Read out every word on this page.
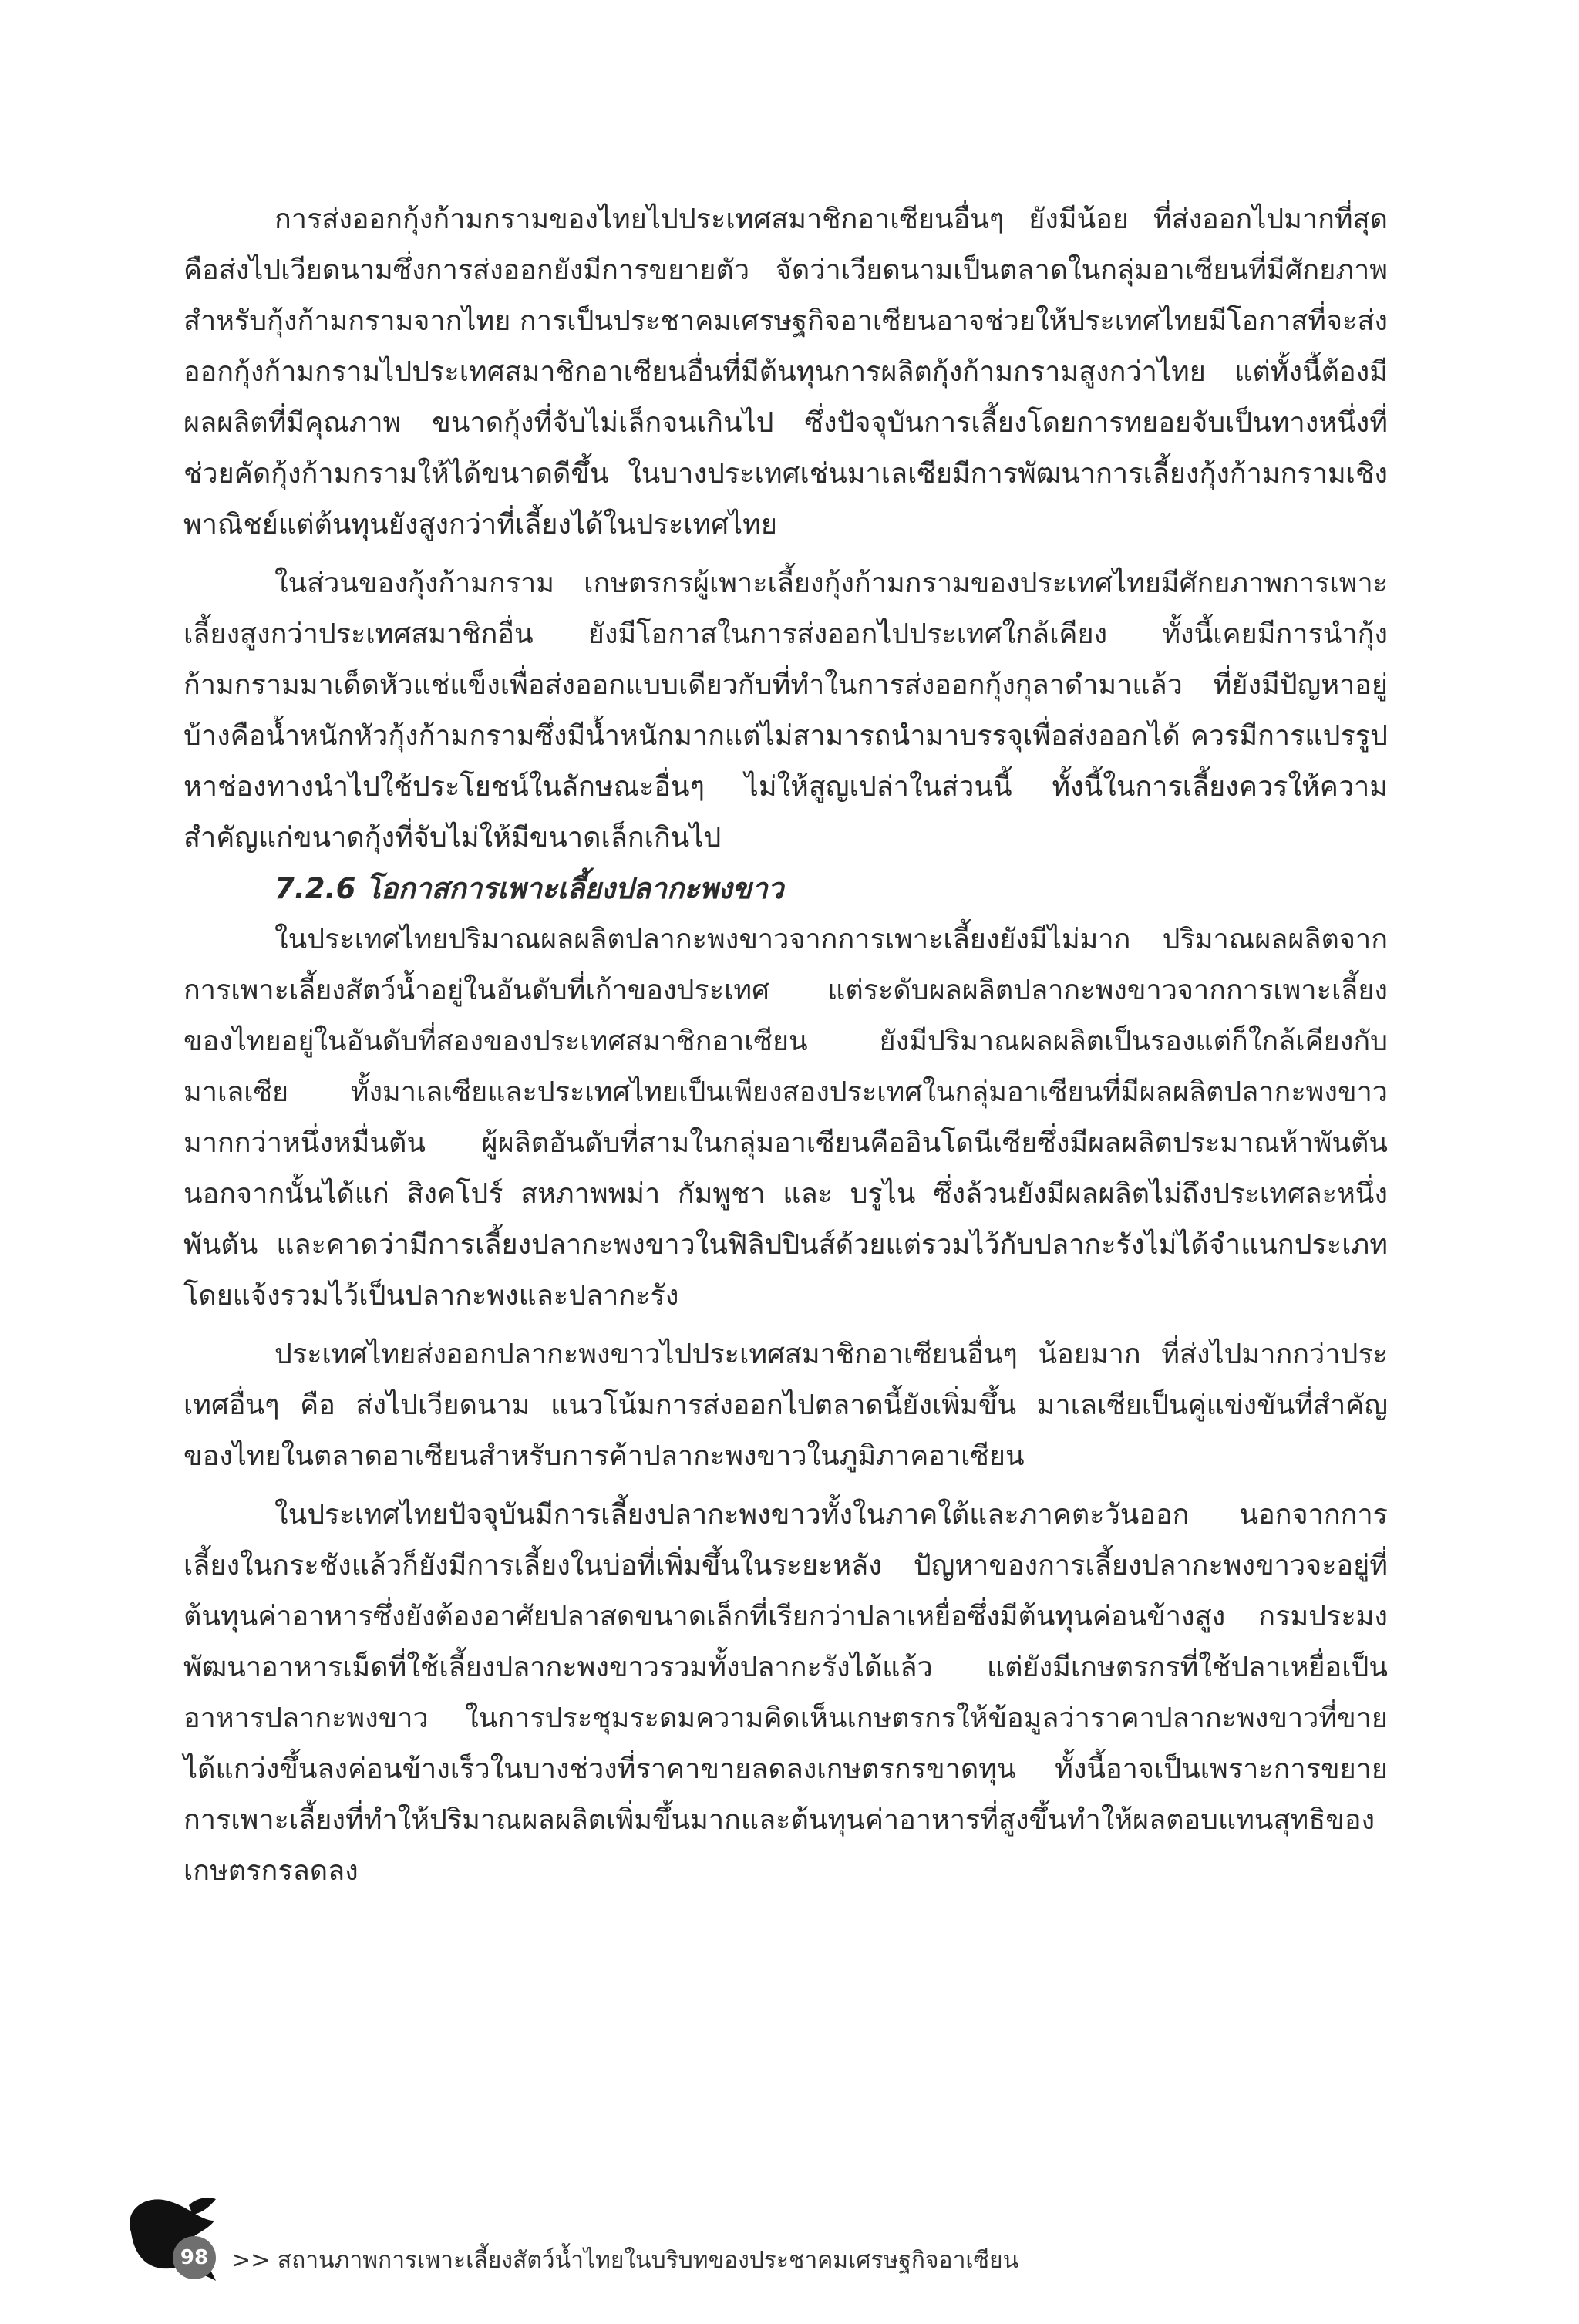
การส่งออกกุ้งก้ามกรามของไทยไปประเทศสมาชิกอาเซียนอื่นๆ ยังมีน้อย ที่ส่งออกไปมากที่สุดคือส่งไปเวียดนามซึ่งการส่งออกยังมีการขยายตัว จัดว่าเวียดนามเป็นตลาดในกลุ่มอาเซียนที่มีศักยภาพสำหรับกุ้งก้ามกรามจากไทย การเป็นประชาคมเศรษฐกิจอาเซียนอาจช่วยให้ประเทศไทยมีโอกาสที่จะส่งออกกุ้งก้ามกรามไปประเทศสมาชิกอาเซียนอื่นที่มีต้นทุนการผลิตกุ้งก้ามกรามสูงกว่าไทย แต่ทั้งนี้ต้องมีผลผลิตที่มีคุณภาพ ขนาดกุ้งที่จับไม่เล็กจนเกินไป ซึ่งปัจจุบันการเลี้ยงโดยการทยอยจับเป็นทางหนึ่งที่ช่วยคัดกุ้งก้ามกรามให้ได้ขนาดดีขึ้น ในบางประเทศเช่นมาเลเซียมีการพัฒนาการเลี้ยงกุ้งก้ามกรามเชิงพาณิชย์แต่ต้นทุนยังสูงกว่าที่เลี้ยงได้ในประเทศไทย

ในส่วนของกุ้งก้ามกราม เกษตรกรผู้เพาะเลี้ยงกุ้งก้ามกรามของประเทศไทยมีศักยภาพการเพาะเลี้ยงสูงกว่าประเทศสมาชิกอื่น ยังมีโอกาสในการส่งออกไปประเทศใกล้เคียง ทั้งนี้เคยมีการนำกุ้งก้ามกรามมาเด็ดหัวแช่แข็งเพื่อส่งออกแบบเดียวกับที่ทำในการส่งออกกุ้งกุลาดำมาแล้ว ที่ยังมีปัญหาอยู่บ้างคือน้ำหนักหัวกุ้งก้ามกรามซึ่งมีน้ำหนักมากแต่ไม่สามารถนำมาบรรจุเพื่อส่งออกได้ ควรมีการแปรรูปหาช่องทางนำไปใช้ประโยชน์ในลักษณะอื่นๆ ไม่ให้สูญเปล่าในส่วนนี้ ทั้งนี้ในการเลี้ยงควรให้ความสำคัญแก่ขนาดกุ้งที่จับไม่ให้มีขนาดเล็กเกินไป

7.2.6 โอกาสการเพาะเลี้ยงปลากะพงขาว

ในประเทศไทยปริมาณผลผลิตปลากะพงขาวจากการเพาะเลี้ยงยังมีไม่มาก ปริมาณผลผลิตจากการเพาะเลี้ยงสัตว์น้ำอยู่ในอันดับที่เก้าของประเทศ แต่ระดับผลผลิตปลากะพงขาวจากการเพาะเลี้ยงของไทยอยู่ในอันดับที่สองของประเทศสมาชิกอาเซียน ยังมีปริมาณผลผลิตเป็นรองแต่ก็ใกล้เคียงกับมาเลเซีย ทั้งมาเลเซียและประเทศไทยเป็นเพียงสองประเทศในกลุ่มอาเซียนที่มีผลผลิตปลากะพงขาวมากกว่าหนึ่งหมื่นตัน ผู้ผลิตอันดับที่สามในกลุ่มอาเซียนคืออินโดนีเซียซึ่งมีผลผลิตประมาณห้าพันตัน นอกจากนั้นได้แก่ สิงคโปร์ สหภาพพม่า กัมพูชา และ บรูไน ซึ่งล้วนยังมีผลผลิตไม่ถึงประเทศละหนึ่งพันตัน และคาดว่ามีการเลี้ยงปลากะพงขาวในฟิลิปปินส์ด้วยแต่รวมไว้กับปลากะรังไม่ได้จำแนกประเภทโดยแจ้งรวมไว้เป็นปลากะพงและปลากะรัง

ประเทศไทยส่งออกปลากะพงขาวไปประเทศสมาชิกอาเซียนอื่นๆ น้อยมาก ที่ส่งไปมากกว่าประเทศอื่นๆ คือ ส่งไปเวียดนาม แนวโน้มการส่งออกไปตลาดนี้ยังเพิ่มขึ้น มาเลเซียเป็นคู่แข่งขันที่สำคัญของไทยในตลาดอาเซียนสำหรับการค้าปลากะพงขาวในภูมิภาคอาเซียน

ในประเทศไทยปัจจุบันมีการเลี้ยงปลากะพงขาวทั้งในภาคใต้และภาคตะวันออก นอกจากการเลี้ยงในกระชังแล้วก็ยังมีการเลี้ยงในบ่อที่เพิ่มขึ้นในระยะหลัง ปัญหาของการเลี้ยงปลากะพงขาวจะอยู่ที่ต้นทุนค่าอาหารซึ่งยังต้องอาศัยปลาสดขนาดเล็กที่เรียกว่าปลาเหยื่อซึ่งมีต้นทุนค่อนข้างสูง กรมประมงพัฒนาอาหารเม็ดที่ใช้เลี้ยงปลากะพงขาวรวมทั้งปลากะรังได้แล้ว แต่ยังมีเกษตรกรที่ใช้ปลาเหยื่อเป็นอาหารปลากะพงขาว ในการประชุมระดมความคิดเห็นเกษตรกรให้ข้อมูลว่าราคาปลากะพงขาวที่ขายได้แกว่งขึ้นลงค่อนข้างเร็วในบางช่วงที่ราคาขายลดลงเกษตรกรขาดทุน ทั้งนี้อาจเป็นเพราะการขยายการเพาะเลี้ยงที่ทำให้ปริมาณผลผลิตเพิ่มขึ้นมากและต้นทุนค่าอาหารที่สูงขึ้นทำให้ผลตอบแทนสุทธิของเกษตรกรลดลง

98 >> สถานภาพการเพาะเลี้ยงสัตว์น้ำไทยในบริบทของประชาคมเศรษฐกิจอาเซียน
